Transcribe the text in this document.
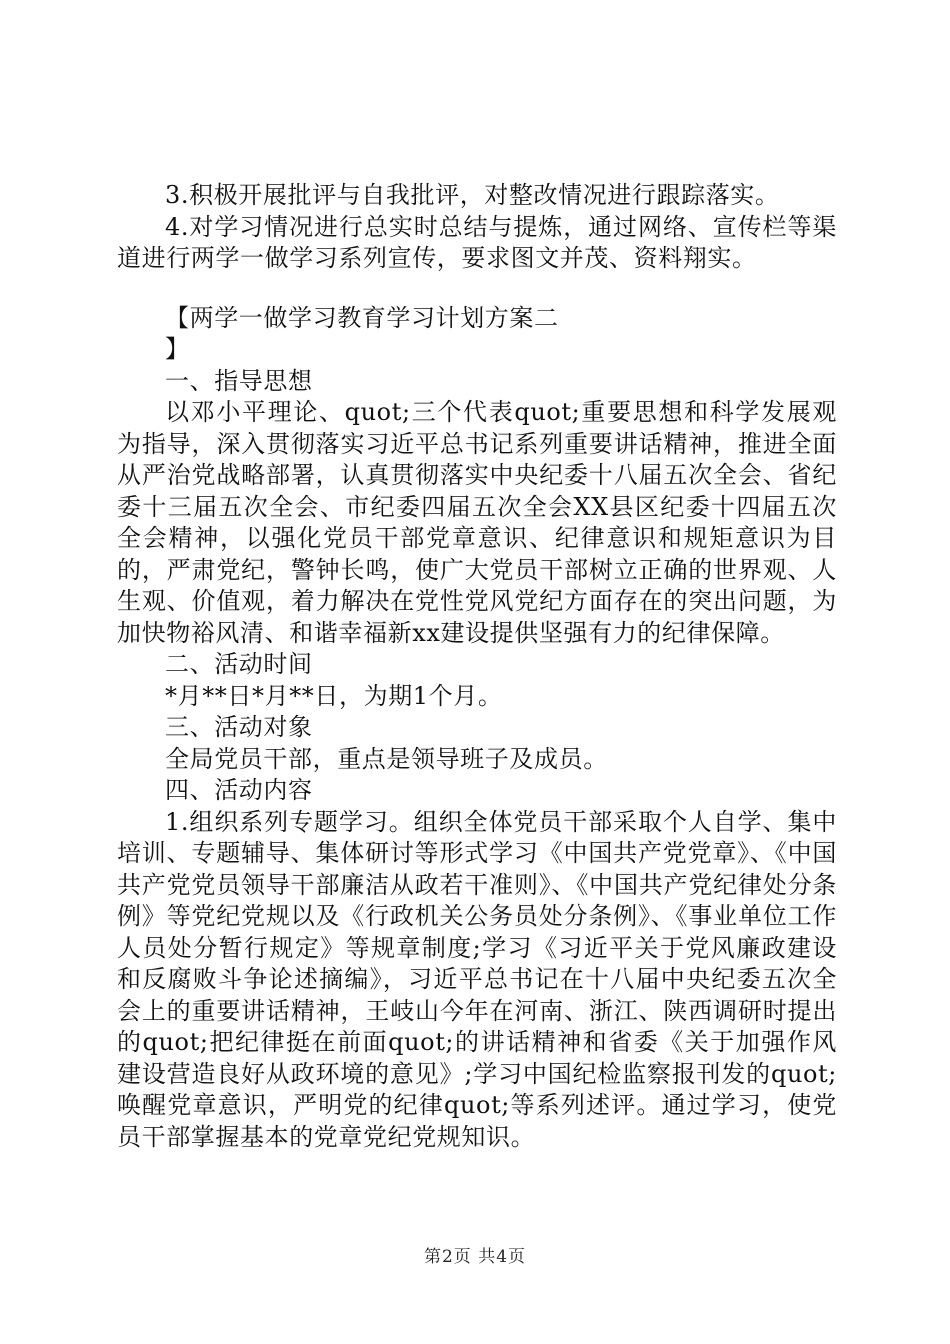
3.积极开展批评与自我批评，对整改情况进行跟踪落实。

4.对学习情况进行总实时总结与提炼，通过网络、宣传栏等渠道进行两学一做学习系列宣传，要求图文并茂、资料翔实。

【两学一做学习教育学习计划方案二

】

一、指导思想

以邓小平理论、quot;三个代表quot;重要思想和科学发展观为指导，深入贯彻落实习近平总书记系列重要讲话精神，推进全面从严治党战略部署，认真贯彻落实中央纪委十八届五次全会、省纪委十三届五次全会、市纪委四届五次全会XX县区纪委十四届五次全会精神，以强化党员干部党章意识、纪律意识和规矩意识为目的，严肃党纪，警钟长鸣，使广大党员干部树立正确的世界观、人生观、价值观，着力解决在党性党风党纪方面存在的突出问题，为加快物裕风清、和谐幸福新xx建设提供坚强有力的纪律保障。

二、活动时间

*月**日*月**日，为期1个月。

三、活动对象

全局党员干部，重点是领导班子及成员。

四、活动内容

1.组织系列专题学习。组织全体党员干部采取个人自学、集中培训、专题辅导、集体研讨等形式学习《中国共产党党章》、《中国共产党党员领导干部廉洁从政若干准则》、《中国共产党纪律处分条例》等党纪党规以及《行政机关公务员处分条例》、《事业单位工作人员处分暂行规定》等规章制度;学习《习近平关于党风廉政建设和反腐败斗争论述摘编》，习近平总书记在十八届中央纪委五次全会上的重要讲话精神，王岐山今年在河南、浙江、陕西调研时提出的quot;把纪律挺在前面quot;的讲话精神和省委《关于加强作风建设营造良好从政环境的意见》;学习中国纪检监察报刊发的quot;唤醒党章意识，严明党的纪律quot;等系列述评。通过学习，使党员干部掌握基本的党章党纪党规知识。

第2页 共4页
